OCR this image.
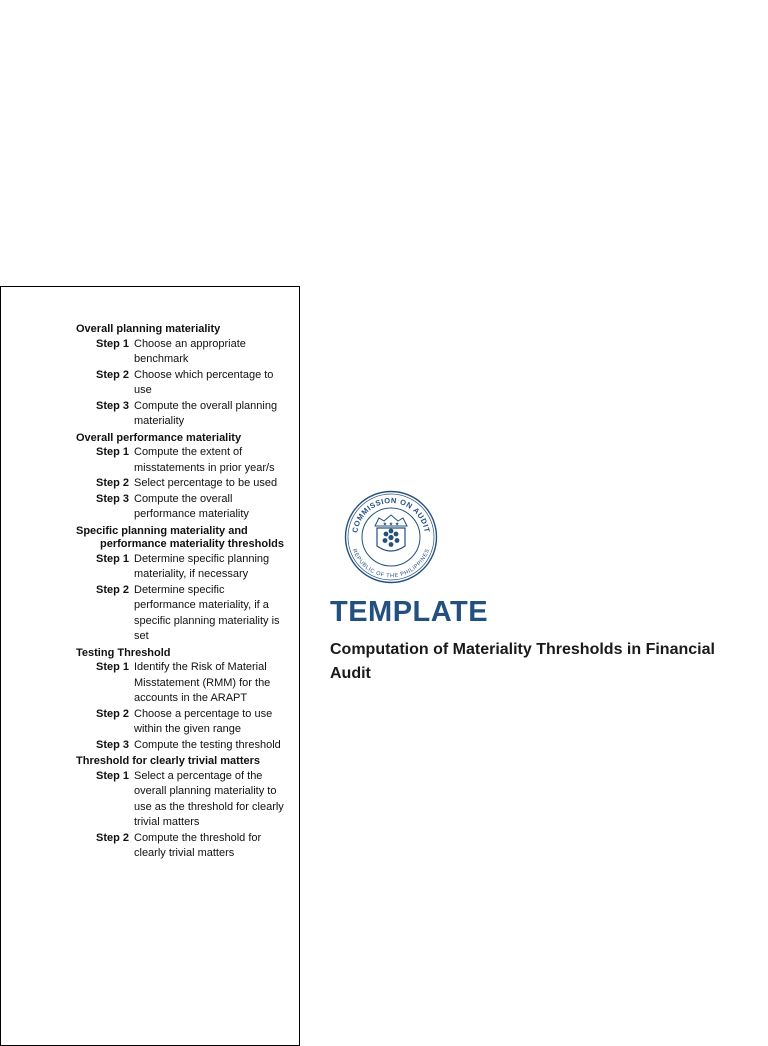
Overall planning materiality
Step 1 Choose an appropriate benchmark
Step 2 Choose which percentage to use
Step 3 Compute the overall planning materiality
Overall performance materiality
Step 1 Compute the extent of misstatements in prior year/s
Step 2 Select percentage to be used
Step 3 Compute the overall performance materiality
Specific planning materiality and
performance materiality thresholds
Step 1 Determine specific planning materiality, if necessary
Step 2 Determine specific performance materiality, if a specific planning materiality is set
Testing Threshold
Step 1 Identify the Risk of Material Misstatement (RMM) for the accounts in the ARAPT
Step 2 Choose a percentage to use within the given range
Step 3 Compute the testing threshold
Threshold for clearly trivial matters
Step 1 Select a percentage of the overall planning materiality to use as the threshold for clearly trivial matters
Step 2 Compute the threshold for clearly trivial matters
COMMISSION ON AUDIT
REPUBLIC OF THE PHILIPPINES
★ ★ ★
TEMPLATE
Computation of Materiality Thresholds in Financial Audit
